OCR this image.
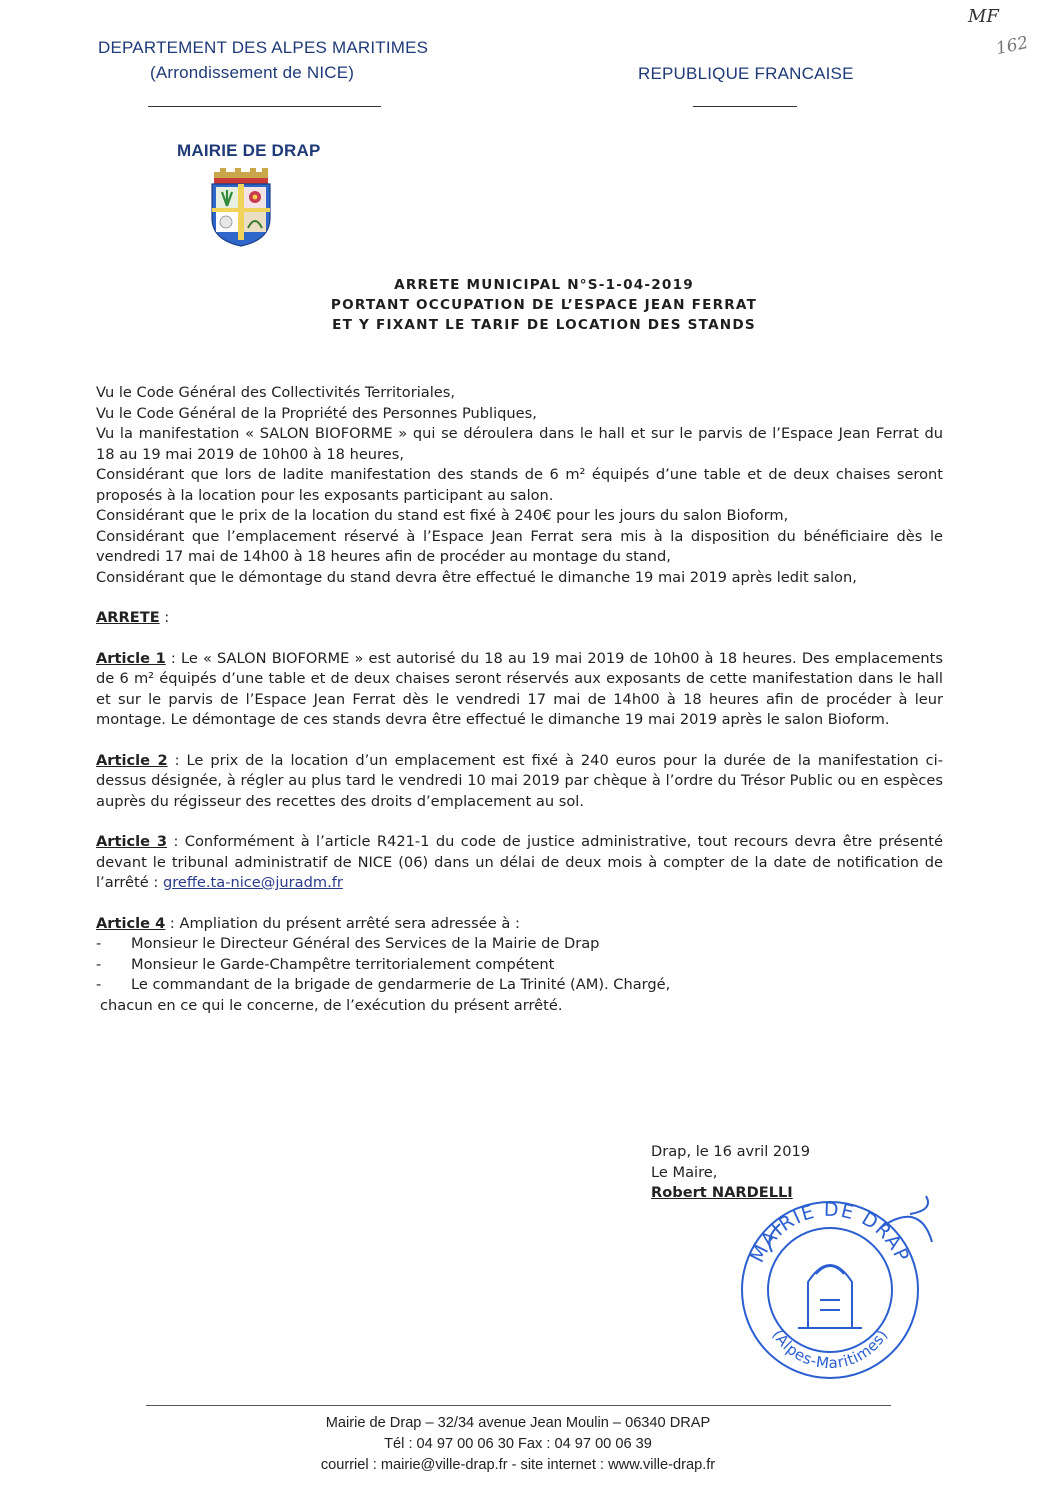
MF
162
DEPARTEMENT DES ALPES MARITIMES
(Arrondissement de NICE)	REPUBLIQUE FRANCAISE
MAIRIE DE DRAP
ARRETE MUNICIPAL N°S-1-04-2019
PORTANT OCCUPATION DE L’ESPACE JEAN FERRAT
ET Y FIXANT LE TARIF DE LOCATION DES STANDS

Vu le Code Général des Collectivités Territoriales,

Vu le Code Général de la Propriété des Personnes Publiques,

Vu la manifestation « SALON BIOFORME » qui se déroulera dans le hall et sur le parvis de l’Espace Jean Ferrat du 18 au 19 mai 2019 de 10h00 à 18 heures,

Considérant que lors de ladite manifestation des stands de 6 m² équipés d’une table et de deux chaises seront proposés à la location pour les exposants participant au salon.

Considérant que le prix de la location du stand est fixé à 240€ pour les jours du salon Bioform,

Considérant que l’emplacement réservé à l’Espace Jean Ferrat sera mis à la disposition du bénéficiaire dès le vendredi 17 mai de 14h00 à 18 heures afin de procéder au montage du stand,

Considérant que le démontage du stand devra être effectué le dimanche 19 mai 2019 après ledit salon,

ARRETE :

Article 1 : Le « SALON BIOFORME » est autorisé du 18 au 19 mai 2019 de 10h00 à 18 heures. Des emplacements de 6 m² équipés d’une table et de deux chaises seront réservés aux exposants de cette manifestation dans le hall et sur le parvis de l’Espace Jean Ferrat dès le vendredi 17 mai de 14h00 à 18 heures afin de procéder à leur montage. Le démontage de ces stands devra être effectué le dimanche 19 mai 2019 après le salon Bioform.

Article 2 : Le prix de la location d’un emplacement est fixé à 240 euros pour la durée de la manifestation ci-dessus désignée, à régler au plus tard le vendredi 10 mai 2019 par chèque à l’ordre du Trésor Public ou en espèces auprès du régisseur des recettes des droits d’emplacement au sol.

Article 3 : Conformément à l’article R421-1 du code de justice administrative, tout recours devra être présenté devant le tribunal administratif de NICE (06) dans un délai de deux mois à compter de la date de notification de l’arrêté : greffe.ta-nice@juradm.fr

Article 4 : Ampliation du présent arrêté sera adressée à :

-	Monsieur le Directeur Général des Services de la Mairie de Drap
-	Monsieur le Garde-Champêtre territorialement compétent
-	Le commandant de la brigade de gendarmerie de La Trinité (AM). Chargé,

chacun en ce qui le concerne, de l’exécution du présent arrêté.

Drap, le 16 avril 2019
Le Maire,
Robert NARDELLI
MAIRIE DE DRAP
(Alpes-Maritimes)
Mairie de Drap – 32/34 avenue Jean Moulin – 06340 DRAP
Tél : 04 97 00 06 30 Fax : 04 97 00 06 39
courriel : mairie@ville-drap.fr - site internet : www.ville-drap.fr
